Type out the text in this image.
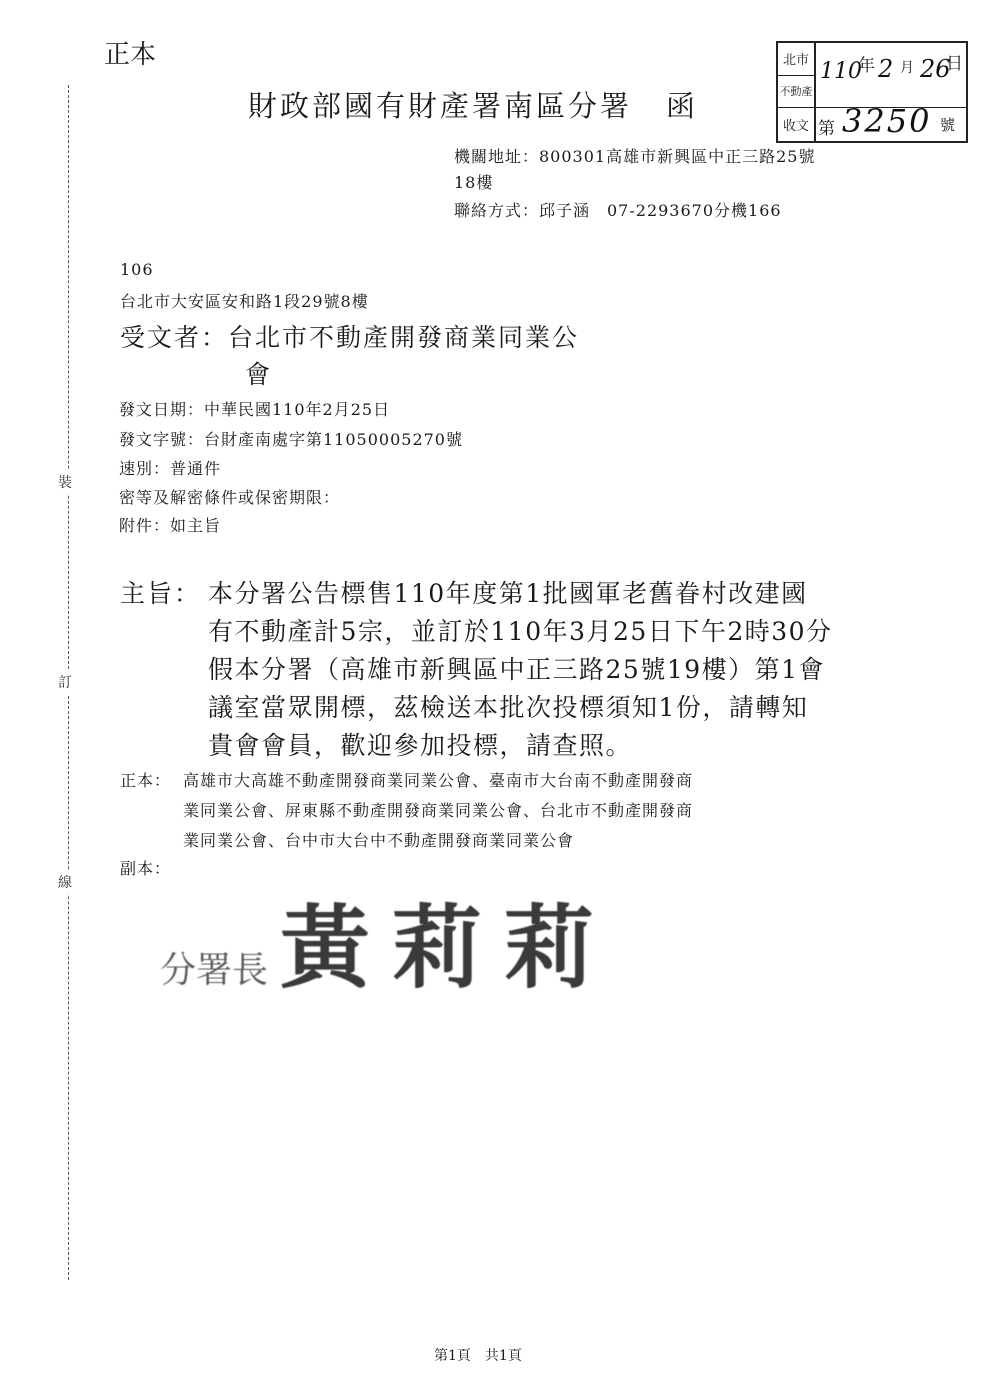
正本
財政部國有財產署南區分署 函
北市 110
年 2 月 26
日
不動產
收文 第 3250 號
機關地址：800301高雄市新興區中正三路25號
18樓
聯絡方式：邱子涵　07-2293670分機166
裝
訂
線
106
台北市大安區安和路1段29號8樓
受文者：台北市不動產開發商業同業公
會
發文日期：中華民國110年2月25日
發文字號：台財產南處字第11050005270號
速別：普通件
密等及解密條件或保密期限：
附件：如主旨
主旨： 本分署公告標售110年度第1批國軍老舊眷村改建國
有不動產計5宗，並訂於110年3月25日下午2時30分
假本分署（高雄市新興區中正三路25號19樓）第1會
議室當眾開標，茲檢送本批次投標須知1份，請轉知
貴會會員，歡迎參加投標，請查照。
正本： 高雄市大高雄不動產開發商業同業公會、臺南市大台南不動產開發商
業同業公會、屏東縣不動產開發商業同業公會、台北市不動產開發商
業同業公會、台中市大台中不動產開發商業同業公會
副本：
分署長 黃莉莉
第1頁 共1頁
